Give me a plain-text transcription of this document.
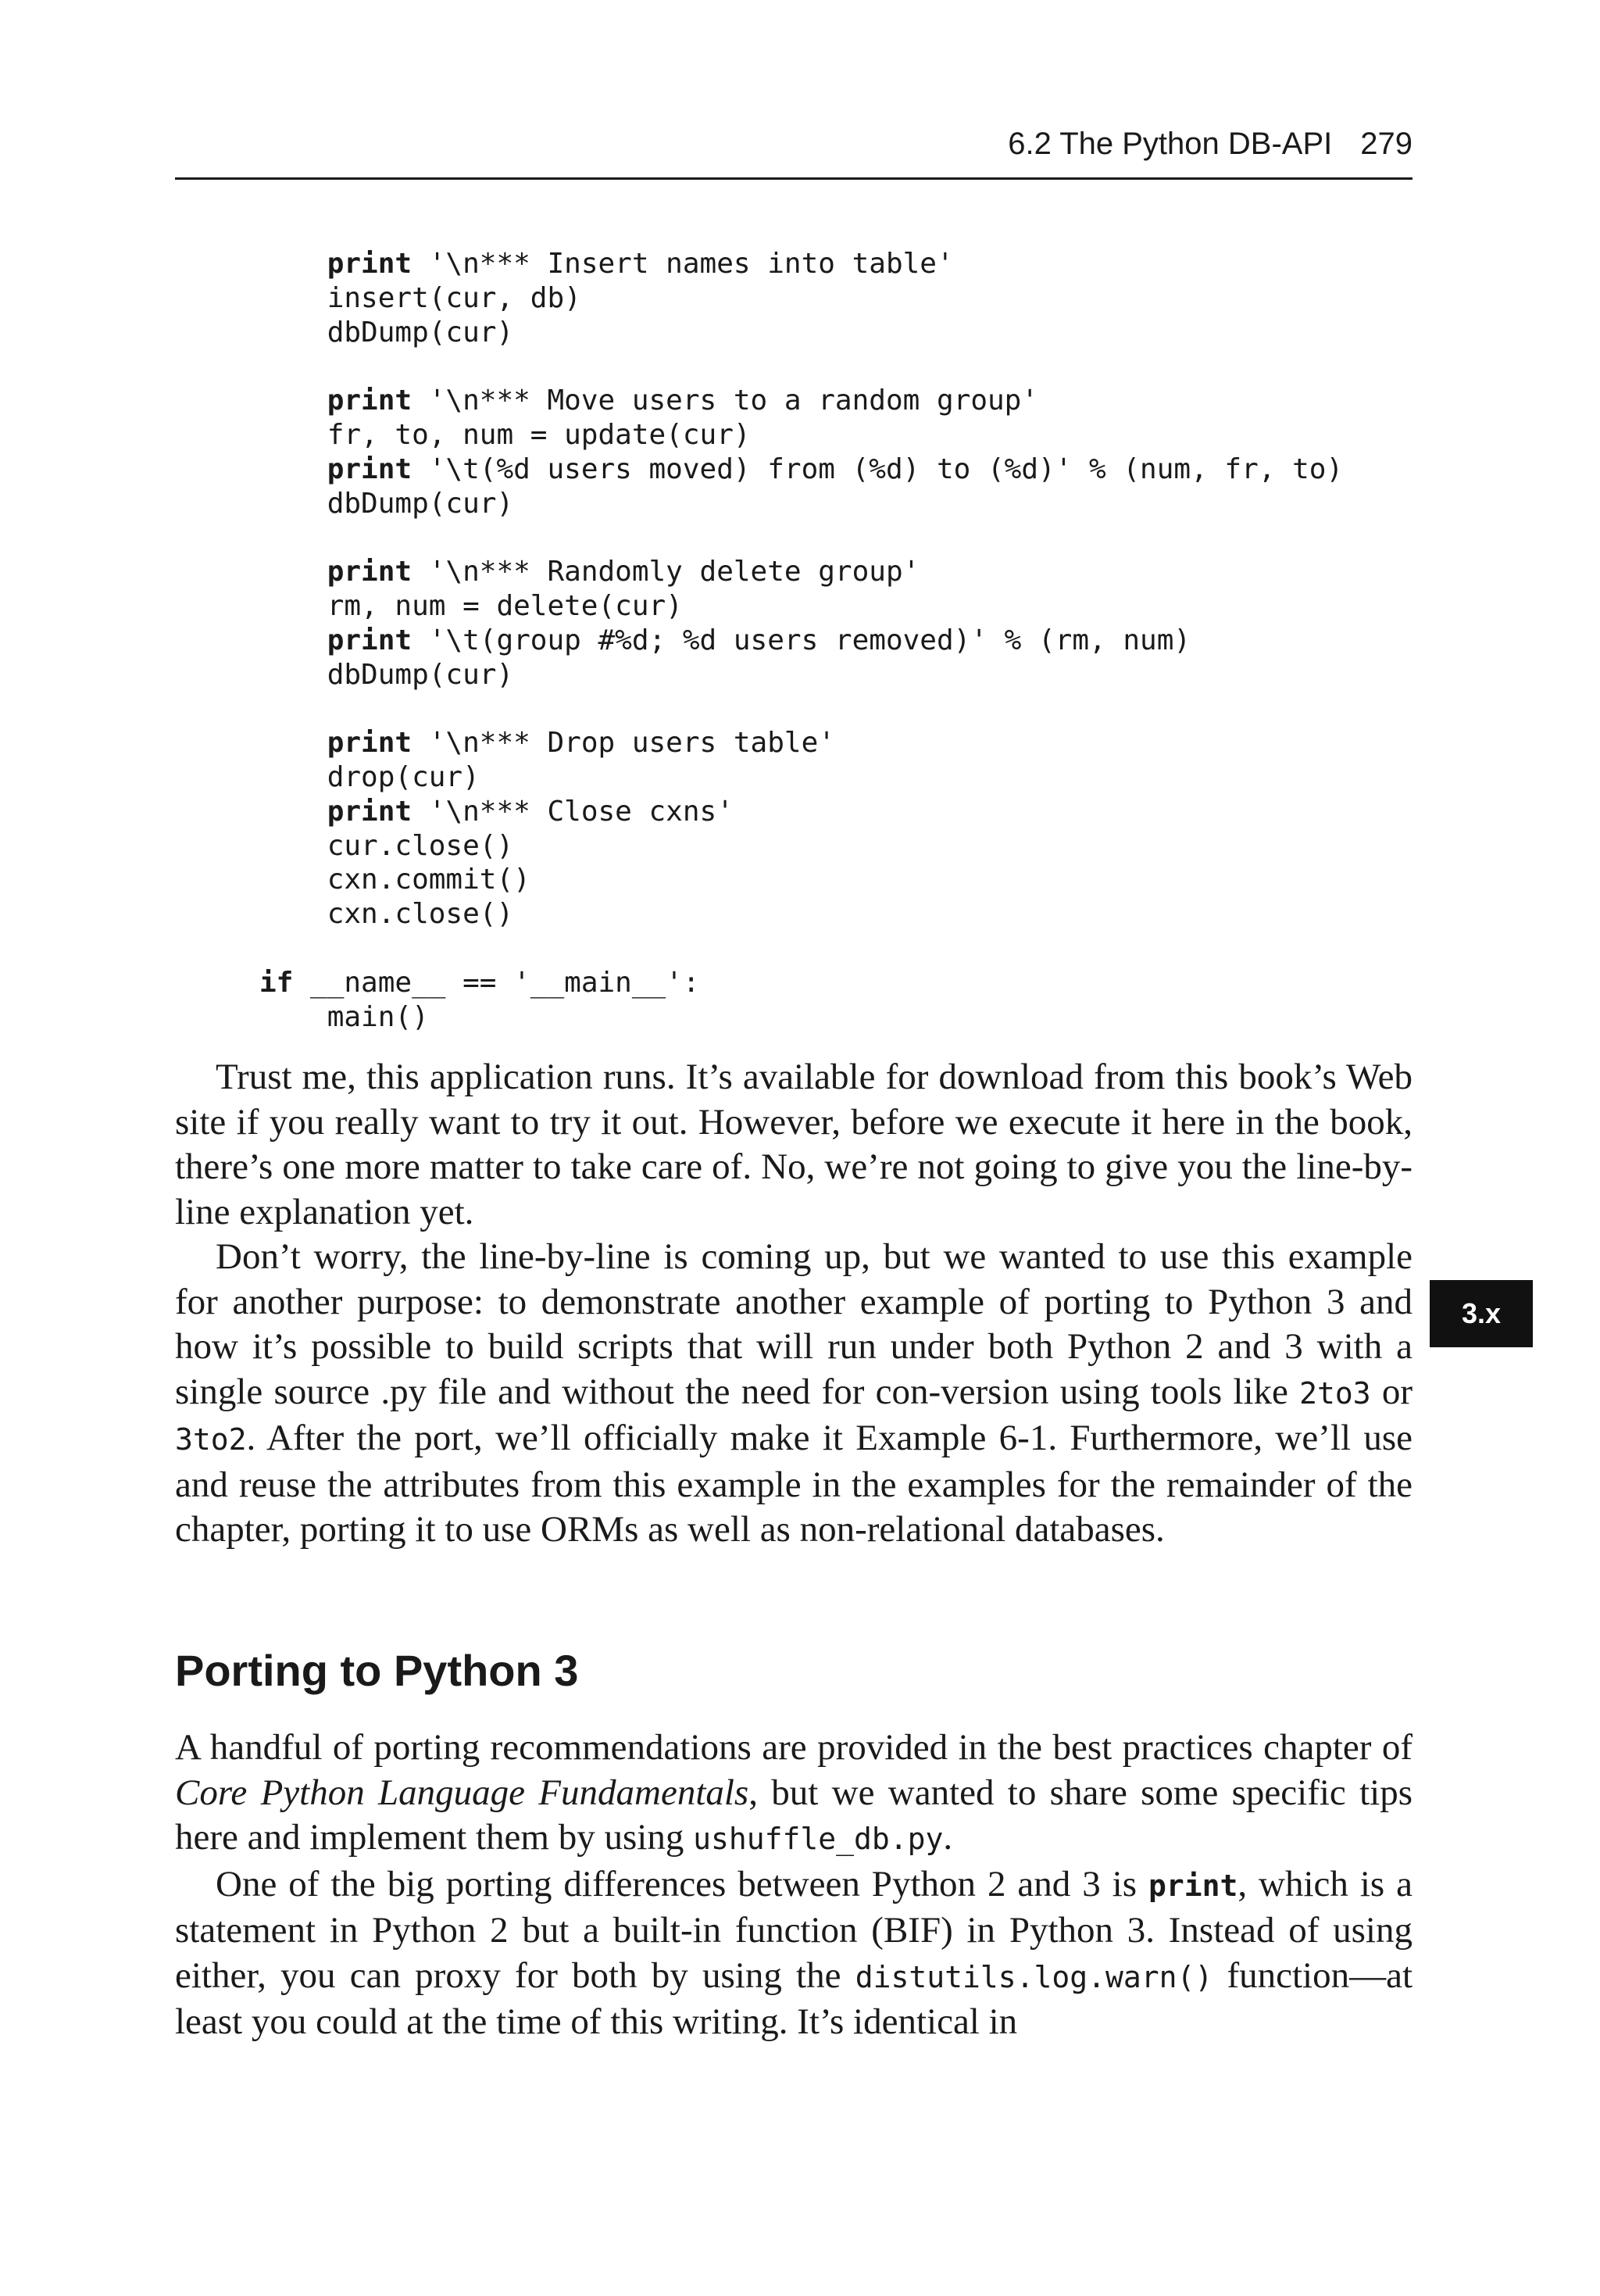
6.2 The Python DB-API 279
print '\n*** Insert names into table'
insert(cur, db)
dbDump(cur)
print '\n*** Move users to a random group'
fr, to, num = update(cur)
print '\t(%d users moved) from (%d) to (%d)' % (num, fr, to)
dbDump(cur)
print '\n*** Randomly delete group'
rm, num = delete(cur)
print '\t(group #%d; %d users removed)' % (rm, num)
dbDump(cur)
print '\n*** Drop users table'
drop(cur)
print '\n*** Close cxns'
cur.close()
cxn.commit()
cxn.close()
if __name__ == '__main__':
main()

Trust me, this application runs. It’s available for download from this book’s Web site if you really want to try it out. However, before we execute it here in the book, there’s one more matter to take care of. No, we’re not going to give you the line-by-line explanation yet.

Don’t worry, the line-by-line is coming up, but we wanted to use this example for another purpose: to demonstrate another example of porting to Python 3 and how it’s possible to build scripts that will run under both Python 2 and 3 with a single source .py file and without the need for con-version using tools like 2to3 or 3to2. After the port, we’ll officially make it Example 6-1. Furthermore, we’ll use and reuse the attributes from this example in the examples for the remainder of the chapter, porting it to use ORMs as well as non-relational databases.

3.x
Porting to Python 3

A handful of porting recommendations are provided in the best practices chapter of Core Python Language Fundamentals, but we wanted to share some specific tips here and implement them by using ushuffle_db.py.

One of the big porting differences between Python 2 and 3 is print, which is a statement in Python 2 but a built-in function (BIF) in Python 3. Instead of using either, you can proxy for both by using the distutils.log.warn() function—at least you could at the time of this writing. It’s identical in
